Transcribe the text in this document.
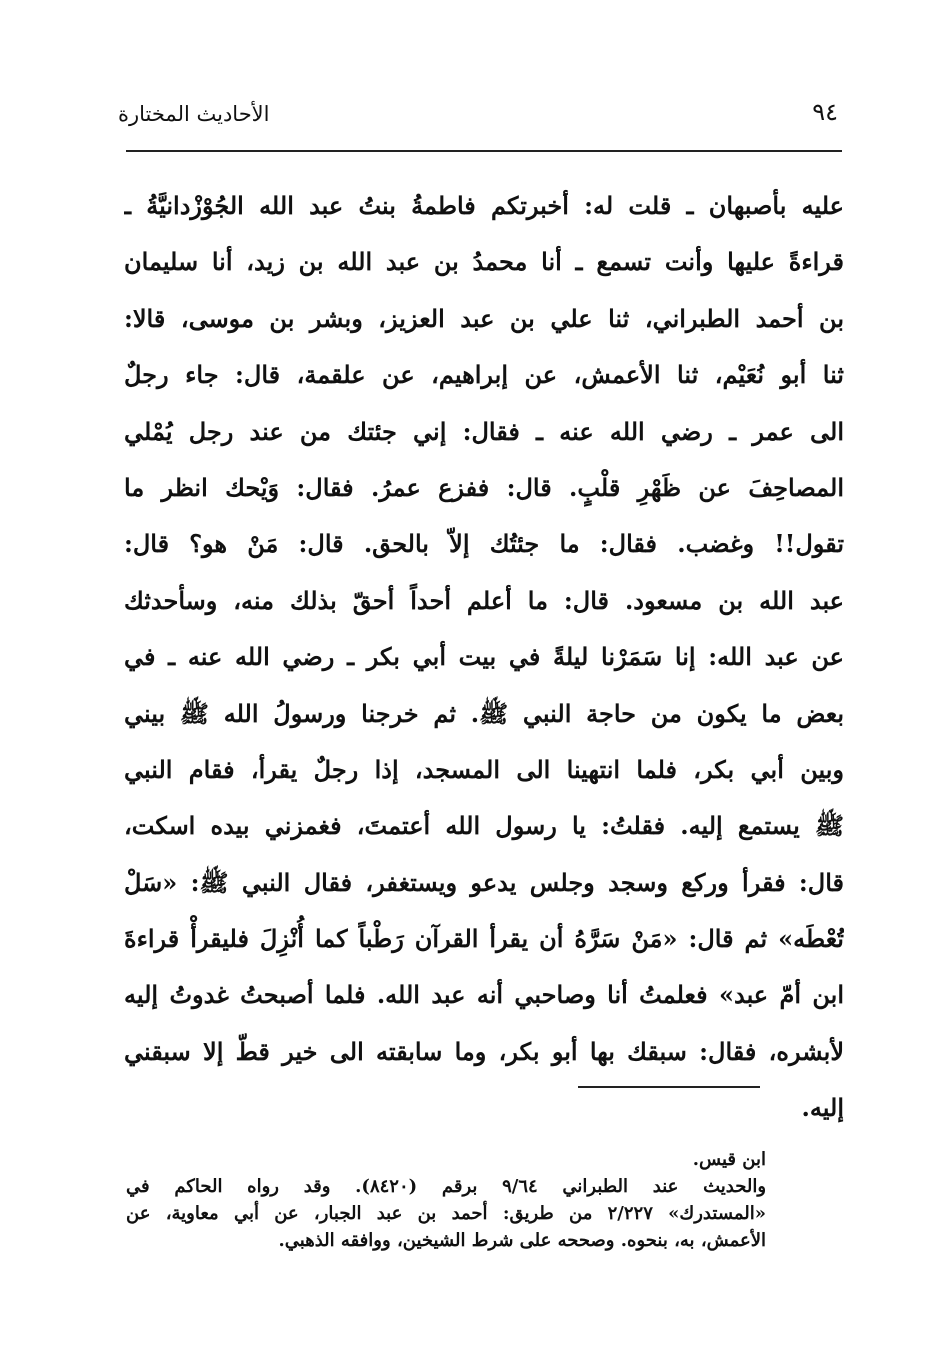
٩٤
الأحاديث المختارة
عليه بأصبهان ـ قلت له: أخبرتكم فاطمةُ بنتُ عبد الله الجُوْزْدانيَّةُ ـ
قراءةً عليها وأنت تسمع ـ أنا محمدُ بن عبد الله بن زيد، أنا سليمان
بن أحمد الطبراني، ثنا علي بن عبد العزيز، وبشر بن موسى، قالا:
ثنا أبو نُعَيْم، ثنا الأعمش، عن إبراهيم، عن علقمة، قال: جاء رجلٌ
الى عمر ـ رضي الله عنه ـ فقال: إني جئتك من عند رجل يُمْلي
المصاحِفَ عن ظَهْرِ قلْبٍ. قال: ففزع عمرُ. فقال: وَيْحك انظر ما
تقول!! وغضب. فقال: ما جئتُك إلاّ بالحق. قال: مَنْ هو؟ قال:
عبد الله بن مسعود. قال: ما أعلم أحداً أحقّ بذلك منه، وسأحدثك
عن عبد الله: إنا سَمَرْنا ليلةً في بيت أبي بكر ـ رضي الله عنه ـ في
بعض ما يكون من حاجة النبي ﷺ. ثم خرجنا ورسولُ الله ﷺ بيني
وبين أبي بكر، فلما انتهينا الى المسجد، إذا رجلٌ يقرأ، فقام النبي
ﷺ يستمع إليه. فقلتُ: يا رسول الله أعتمتَ، فغمزني بيده اسكت،
قال: فقرأ وركع وسجد وجلس يدعو ويستغفر، فقال النبي ﷺ: «سَلْ
تُعْطَه» ثم قال: «مَنْ سَرَّهُ أن يقرأ القرآن رَطْباً كما أُنْزِلَ فليقرأْ قراءةَ
ابن أمّ عبد» فعلمتُ أنا وصاحبي أنه عبد الله. فلما أصبحتُ غدوتُ إليه
لأبشره، فقال: سبقك بها أبو بكر، وما سابقته الى خير قطّ إلا سبقني
إليه.
ابن قيس.
والحديث عند الطبراني ٩/٦٤ برقم (٨٤٢٠). وقد رواه الحاكم في
«المستدرك» ٢/٢٢٧ من طريق: أحمد بن عبد الجبار، عن أبي معاوية، عن
الأعمش، به، بنحوه. وصححه على شرط الشيخين، ووافقه الذهبي.
